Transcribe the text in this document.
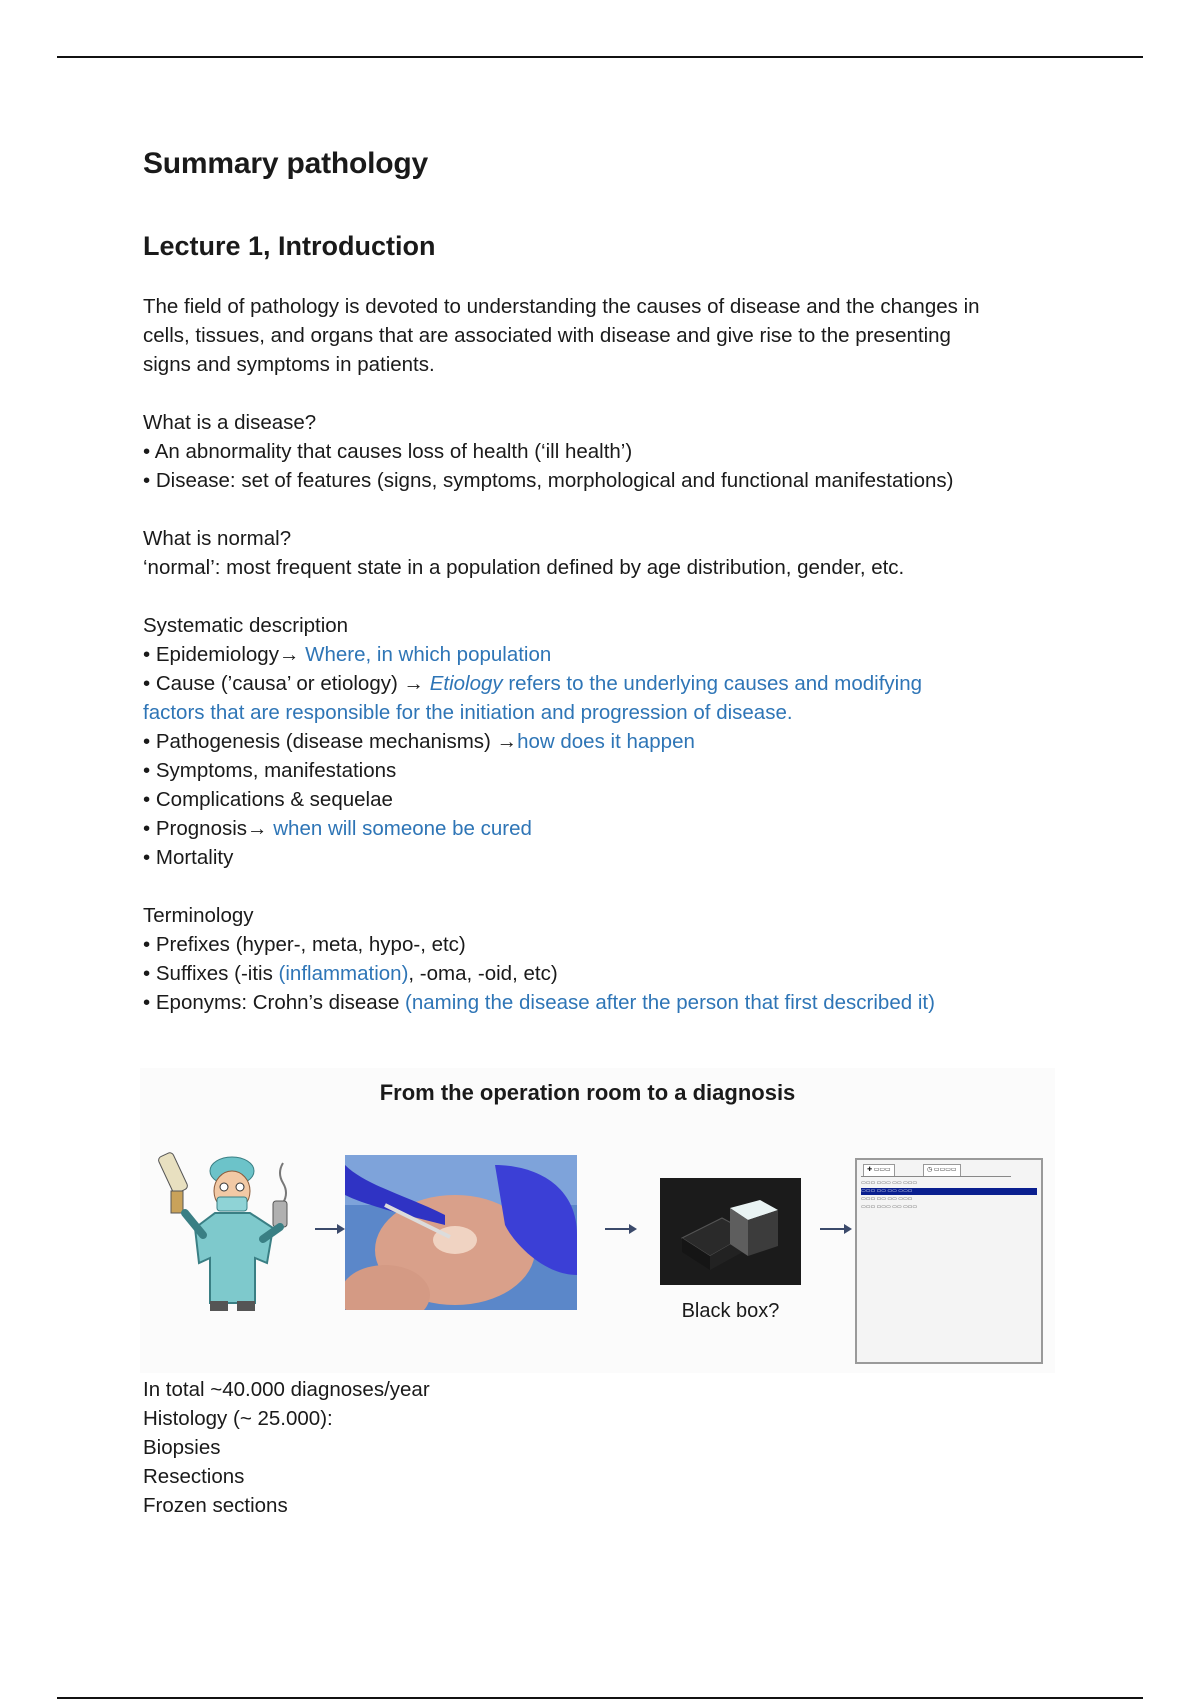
Summary pathology
Lecture 1, Introduction

The field of pathology is devoted to understanding the causes of disease and the changes in

cells, tissues, and organs that are associated with disease and give rise to the presenting

signs and symptoms in patients.

What is a disease?

• An abnormality that causes loss of health (‘ill health’)

• Disease: set of features (signs, symptoms, morphological and functional manifestations)

What is normal?

‘normal’: most frequent state in a population defined by age distribution, gender, etc.

Systematic description

• Epidemiology→ Where, in which population

• Cause (’causa’ or etiology) → Etiology refers to the underlying causes and modifying

factors that are responsible for the initiation and progression of disease.

• Pathogenesis (disease mechanisms) →how does it happen

• Symptoms, manifestations

• Complications & sequelae

• Prognosis→ when will someone be cured

• Mortality

Terminology

• Prefixes (hyper-, meta, hypo-, etc)

• Suffixes (-itis (inflammation), -oma, -oid, etc)

• Eponyms: Crohn’s disease (naming the disease after the person that first described it)

From the operation room to a diagnosis
Black box?
✚ ▭▭▭	◷ ▭▭▭▭
▭▭▭ ▭▭▭ ▭▭ ▭▭▭
▭▭▭ ▭▭ ▭▭ ▭▭▭
▭▭▭ ▭▭ ▭▭ ▭▭▭
▭▭▭ ▭▭▭ ▭▭ ▭▭▭

In total ~40.000 diagnoses/year

Histology (~ 25.000):

Biopsies

Resections

Frozen sections
